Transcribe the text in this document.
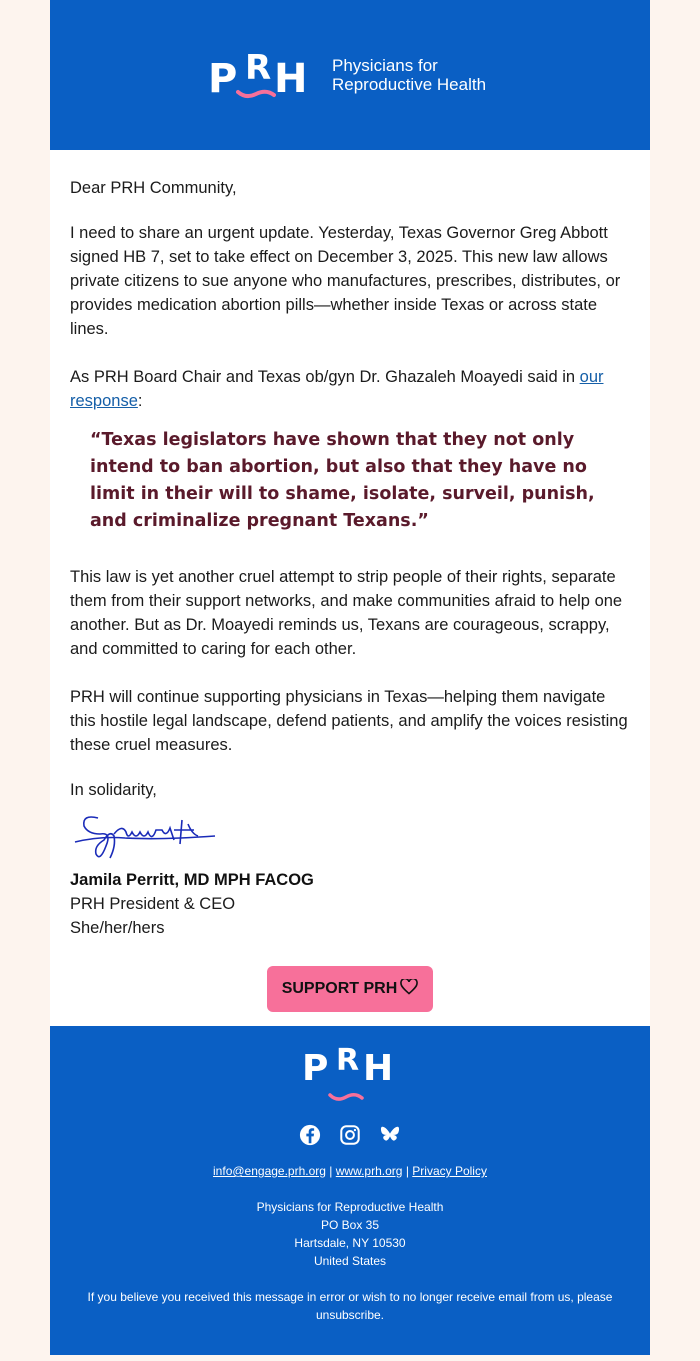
P R H Physicians for
Reproductive Health

Dear PRH Community,

I need to share an urgent update. Yesterday, Texas Governor Greg Abbott signed HB 7, set to take effect on December 3, 2025. This new law allows private citizens to sue anyone who manufactures, prescribes, distributes, or provides medication abortion pills—whether inside Texas or across state lines.

As PRH Board Chair and Texas ob/gyn Dr. Ghazaleh Moayedi said in our response:

“Texas legislators have shown that they not only intend to ban abortion, but also that they have no limit in their will to shame, isolate, surveil, punish, and criminalize pregnant Texans.”

This law is yet another cruel attempt to strip people of their rights, separate them from their support networks, and make communities afraid to help one another. But as Dr. Moayedi reminds us, Texans are courageous, scrappy, and committed to caring for each other.

PRH will continue supporting physicians in Texas—helping them navigate this hostile legal landscape, defend patients, and amplify the voices resisting these cruel measures.

In solidarity,

Jamila Perritt, MD MPH FACOG

PRH President & CEO

She/her/hers

SUPPORT PRH
P R H
info@engage.prh.org | www.prh.org | Privacy Policy
Physicians for Reproductive Health
PO Box 35
Hartsdale, NY 10530
United States
If you believe you received this message in error or wish to no longer receive email from us, please unsubscribe.
